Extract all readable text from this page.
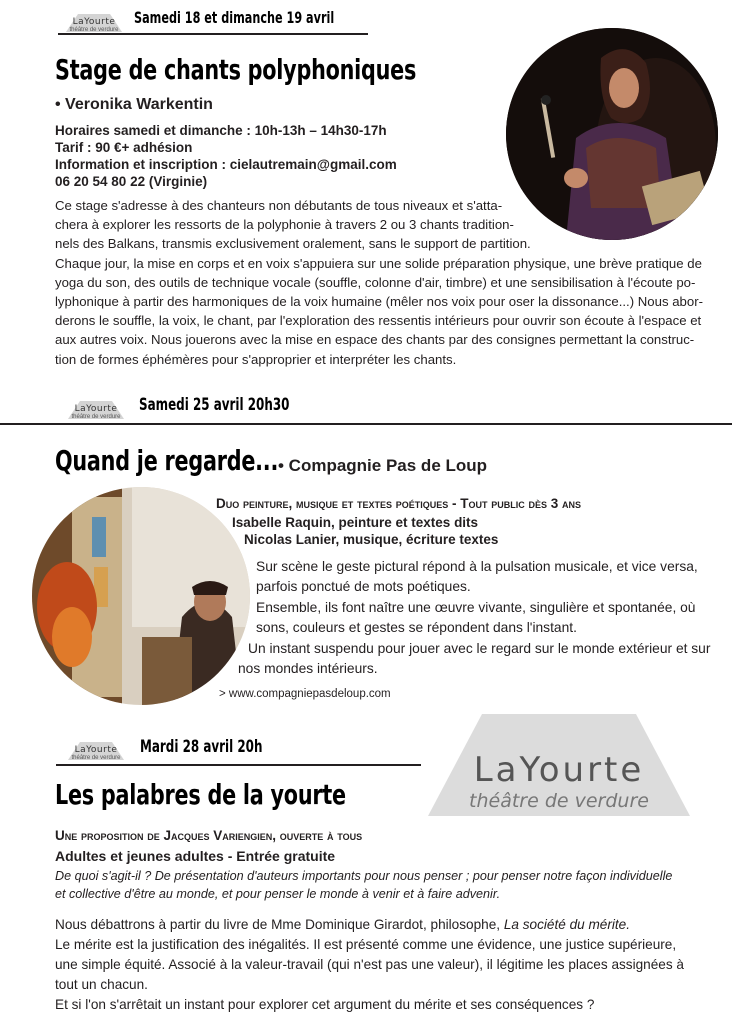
LaYourte
théâtre de verdure
Samedi 18 et dimanche 19 avril
Stage de chants polyphoniques
• Veronika Warkentin
Horaires samedi et dimanche : 10h-13h – 14h30-17h
Tarif : 90 €+ adhésion
Information et inscription : cielautremain@gmail.com
06 20 54 80 22 (Virginie)
Ce stage s'adresse à des chanteurs non débutants de tous niveaux et s'atta-
chera à explorer les ressorts de la polyphonie à travers 2 ou 3 chants tradition-
nels des Balkans, transmis exclusivement oralement, sans le support de partition.
Chaque jour, la mise en corps et en voix s'appuiera sur une solide préparation physique, une brève pratique de
yoga du son, des outils de technique vocale (souffle, colonne d'air, timbre) et une sensibilisation à l'écoute po-
lyphonique à partir des harmoniques de la voix humaine (mêler nos voix pour oser la dissonance...) Nous abor-
derons le souffle, la voix, le chant, par l'exploration des ressentis intérieurs pour ouvrir son écoute à l'espace et
aux autres voix. Nous jouerons avec la mise en espace des chants par des consignes permettant la construc-
tion de formes éphémères pour s'approprier et interpréter les chants.
LaYourte
théâtre de verdure
Samedi 25 avril 20h30
Quand je regarde... • Compagnie Pas de Loup
Duo peinture, musique et textes poétiques - Tout public dès 3 ans
Isabelle Raquin, peinture et textes dits
Nicolas Lanier, musique, écriture textes
Sur scène le geste pictural répond à la pulsation musicale, et vice versa,
parfois ponctué de mots poétiques.
Ensemble, ils font naître une œuvre vivante, singulière et spontanée, où
sons, couleurs et gestes se répondent dans l'instant.
Un instant suspendu pour jouer avec le regard sur le monde extérieur et sur
nos mondes intérieurs.
> www.compagniepasdeloup.com
LaYourte
théâtre de verdure
Mardi 28 avril 20h
LaYourte
théâtre de verdure
Les palabres de la yourte
Une proposition de Jacques Variengien, ouverte à tous
Adultes et jeunes adultes - Entrée gratuite
De quoi s'agit-il ? De présentation d'auteurs importants pour nous penser ; pour penser notre façon individuelle
et collective d'être au monde, et pour penser le monde à venir et à faire advenir.
Nous débattrons à partir du livre de Mme Dominique Girardot, philosophe, La société du mérite.
Le mérite est la justification des inégalités. Il est présenté comme une évidence, une justice supérieure,
une simple équité. Associé à la valeur-travail (qui n'est pas une valeur), il légitime les places assignées à
tout un chacun.
Et si l'on s'arrêtait un instant pour explorer cet argument du mérite et ses conséquences ?
